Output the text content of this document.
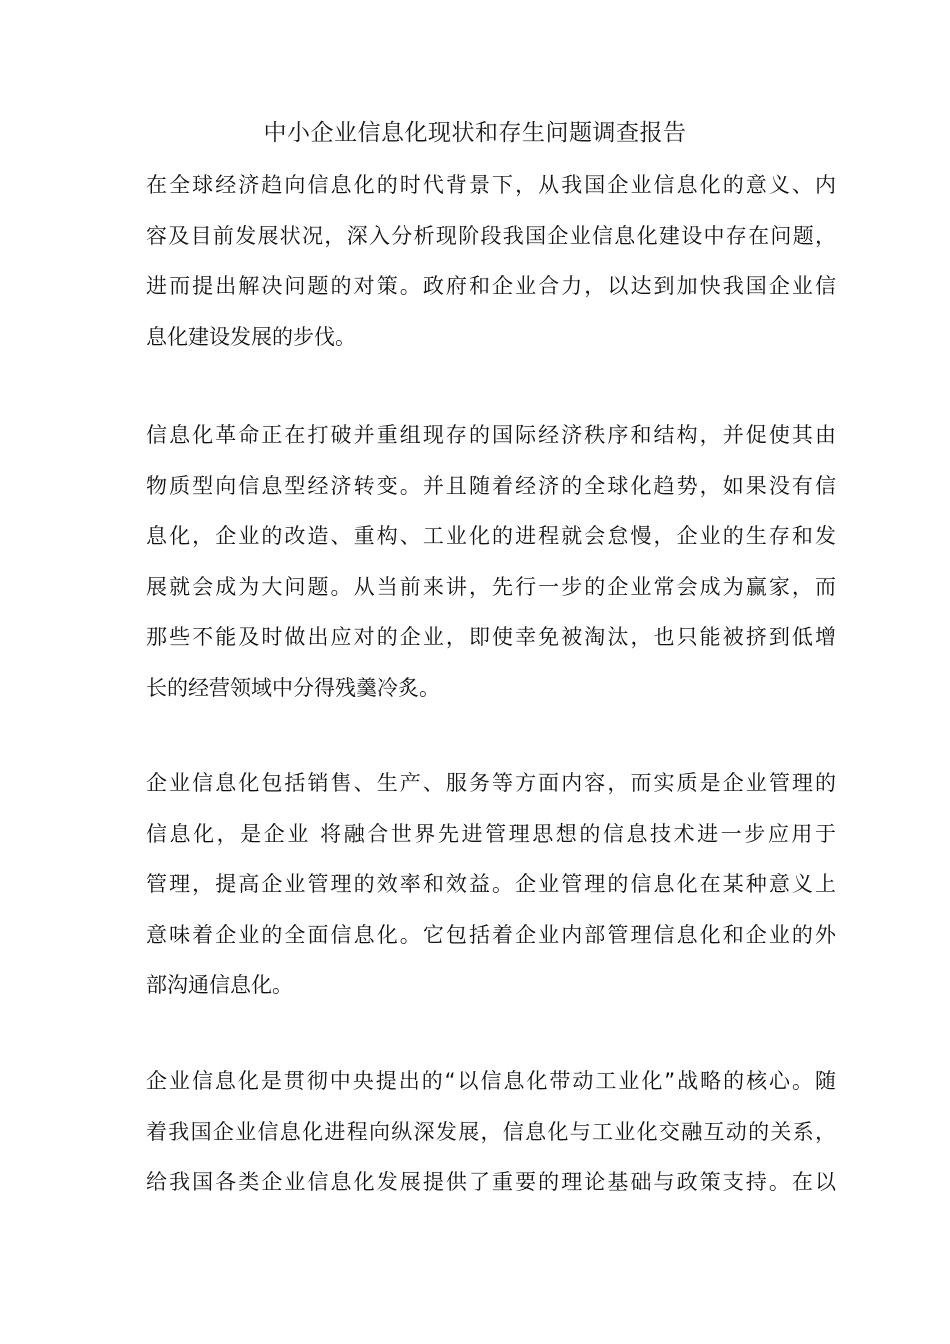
中小企业信息化现状和存生问题调查报告

在全球经济趋向信息化的时代背景下，从我国企业信息化的意义、内
容及目前发展状况，深入分析现阶段我国企业信息化建设中存在问题，
进而提出解决问题的对策。政府和企业合力，以达到加快我国企业信
息化建设发展的步伐。

信息化革命正在打破并重组现存的国际经济秩序和结构，并促使其由
物质型向信息型经济转变。并且随着经济的全球化趋势，如果没有信
息化，企业的改造、重构、工业化的进程就会怠慢，企业的生存和发
展就会成为大问题。从当前来讲，先行一步的企业常会成为赢家，而
那些不能及时做出应对的企业，即使幸免被淘汰，也只能被挤到低增
长的经营领域中分得残羹冷炙。

企业信息化包括销售、生产、服务等方面内容，而实质是企业管理的
信息化，是企业 将融合世界先进管理思想的信息技术进一步应用于
管理，提高企业管理的效率和效益。企业管理的信息化在某种意义上
意味着企业的全面信息化。它包括着企业内部管理信息化和企业的外
部沟通信息化。

企业信息化是贯彻中央提出的“以信息化带动工业化”战略的核心。随
着我国企业信息化进程向纵深发展，信息化与工业化交融互动的关系，
给我国各类企业信息化发展提供了重要的理论基础与政策支持。在以
